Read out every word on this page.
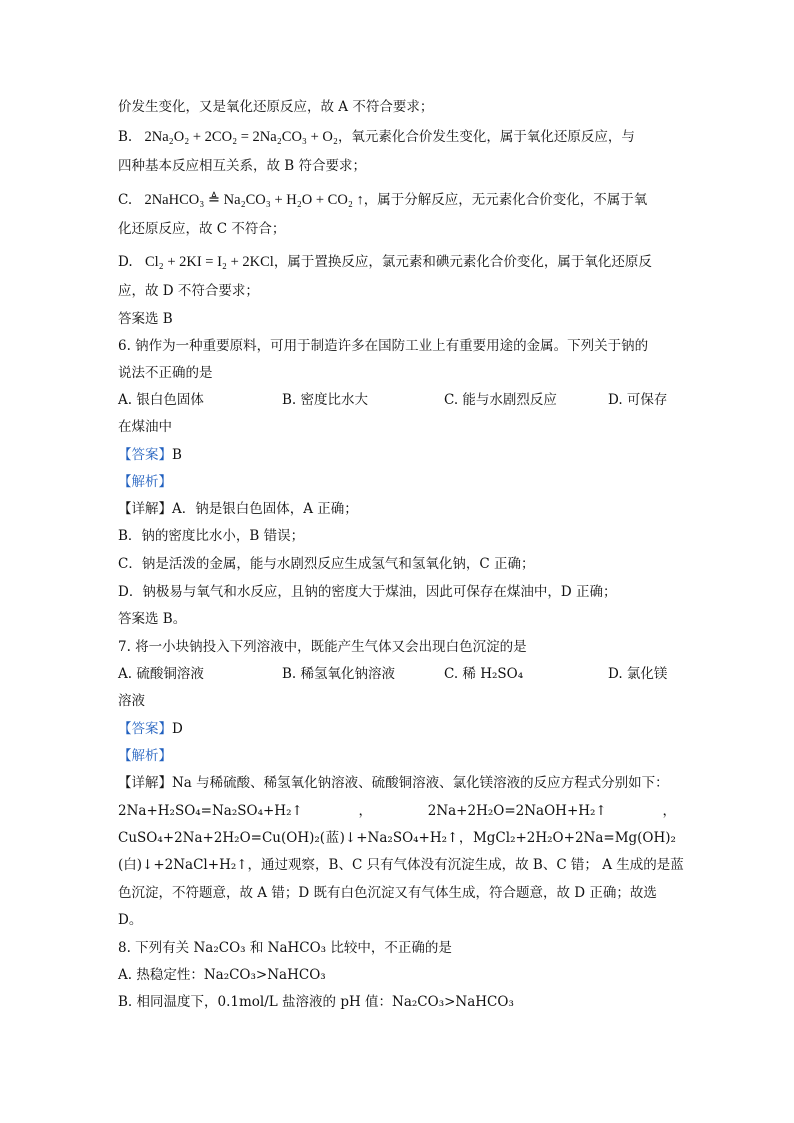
价发生变化，又是氧化还原反应，故 A 不符合要求；
B. 2Na₂O₂ + 2CO₂ = 2Na₂CO₃ + O₂，氧元素化合价发生变化，属于氧化还原反应，与
四种基本反应相互关系，故 B 符合要求；
C. 2NaHCO₃ ≜ Na₂CO₃ + H₂O + CO₂ ↑，属于分解反应，无元素化合价变化，不属于氧
化还原反应，故 C 不符合；
D. Cl₂ + 2KI = I₂ + 2KCl，属于置换反应，氯元素和碘元素化合价变化，属于氧化还原反
应，故 D 不符合要求；
答案选 B
6. 钠作为一种重要原料，可用于制造许多在国防工业上有重要用途的金属。下列关于钠的
说法不正确的是
A. 银白色固体	B. 密度比水大	C. 能与水剧烈反应	D. 可保存
在煤油中
【答案】B
【解析】
【详解】A．钠是银白色固体，A 正确；
B．钠的密度比水小，B 错误；
C．钠是活泼的金属，能与水剧烈反应生成氢气和氢氧化钠，C 正确；
D．钠极易与氧气和水反应，且钠的密度大于煤油，因此可保存在煤油中，D 正确；
答案选 B。
7. 将一小块钠投入下列溶液中，既能产生气体又会出现白色沉淀的是
A. 硫酸铜溶液	B. 稀氢氧化钠溶液	C. 稀 H₂SO₄	D. 氯化镁
溶液
【答案】D
【解析】
【详解】Na 与稀硫酸、稀氢氧化钠溶液、硫酸铜溶液、氯化镁溶液的反应方程式分别如下：
2Na+H₂SO₄=Na₂SO₄+H₂↑	，	2Na+2H₂O=2NaOH+H₂↑	，
CuSO₄+2Na+2H₂O=Cu(OH)₂( 蓝 )↓+Na₂SO₄+H₂↑ ， MgCl₂+2H₂O+2Na=Mg(OH)₂
(白)↓+2NaCl+H₂↑，通过观察，B、C 只有气体没有沉淀生成，故 B、C 错； A 生成的是蓝
色沉淀，不符题意，故 A 错；D 既有白色沉淀又有气体生成，符合题意，故 D 正确；故选
D。
8. 下列有关 Na₂CO₃ 和 NaHCO₃ 比较中，不正确的是
A. 热稳定性：Na₂CO₃>NaHCO₃
B. 相同温度下，0.1mol/L 盐溶液的 pH 值：Na₂CO₃>NaHCO₃
